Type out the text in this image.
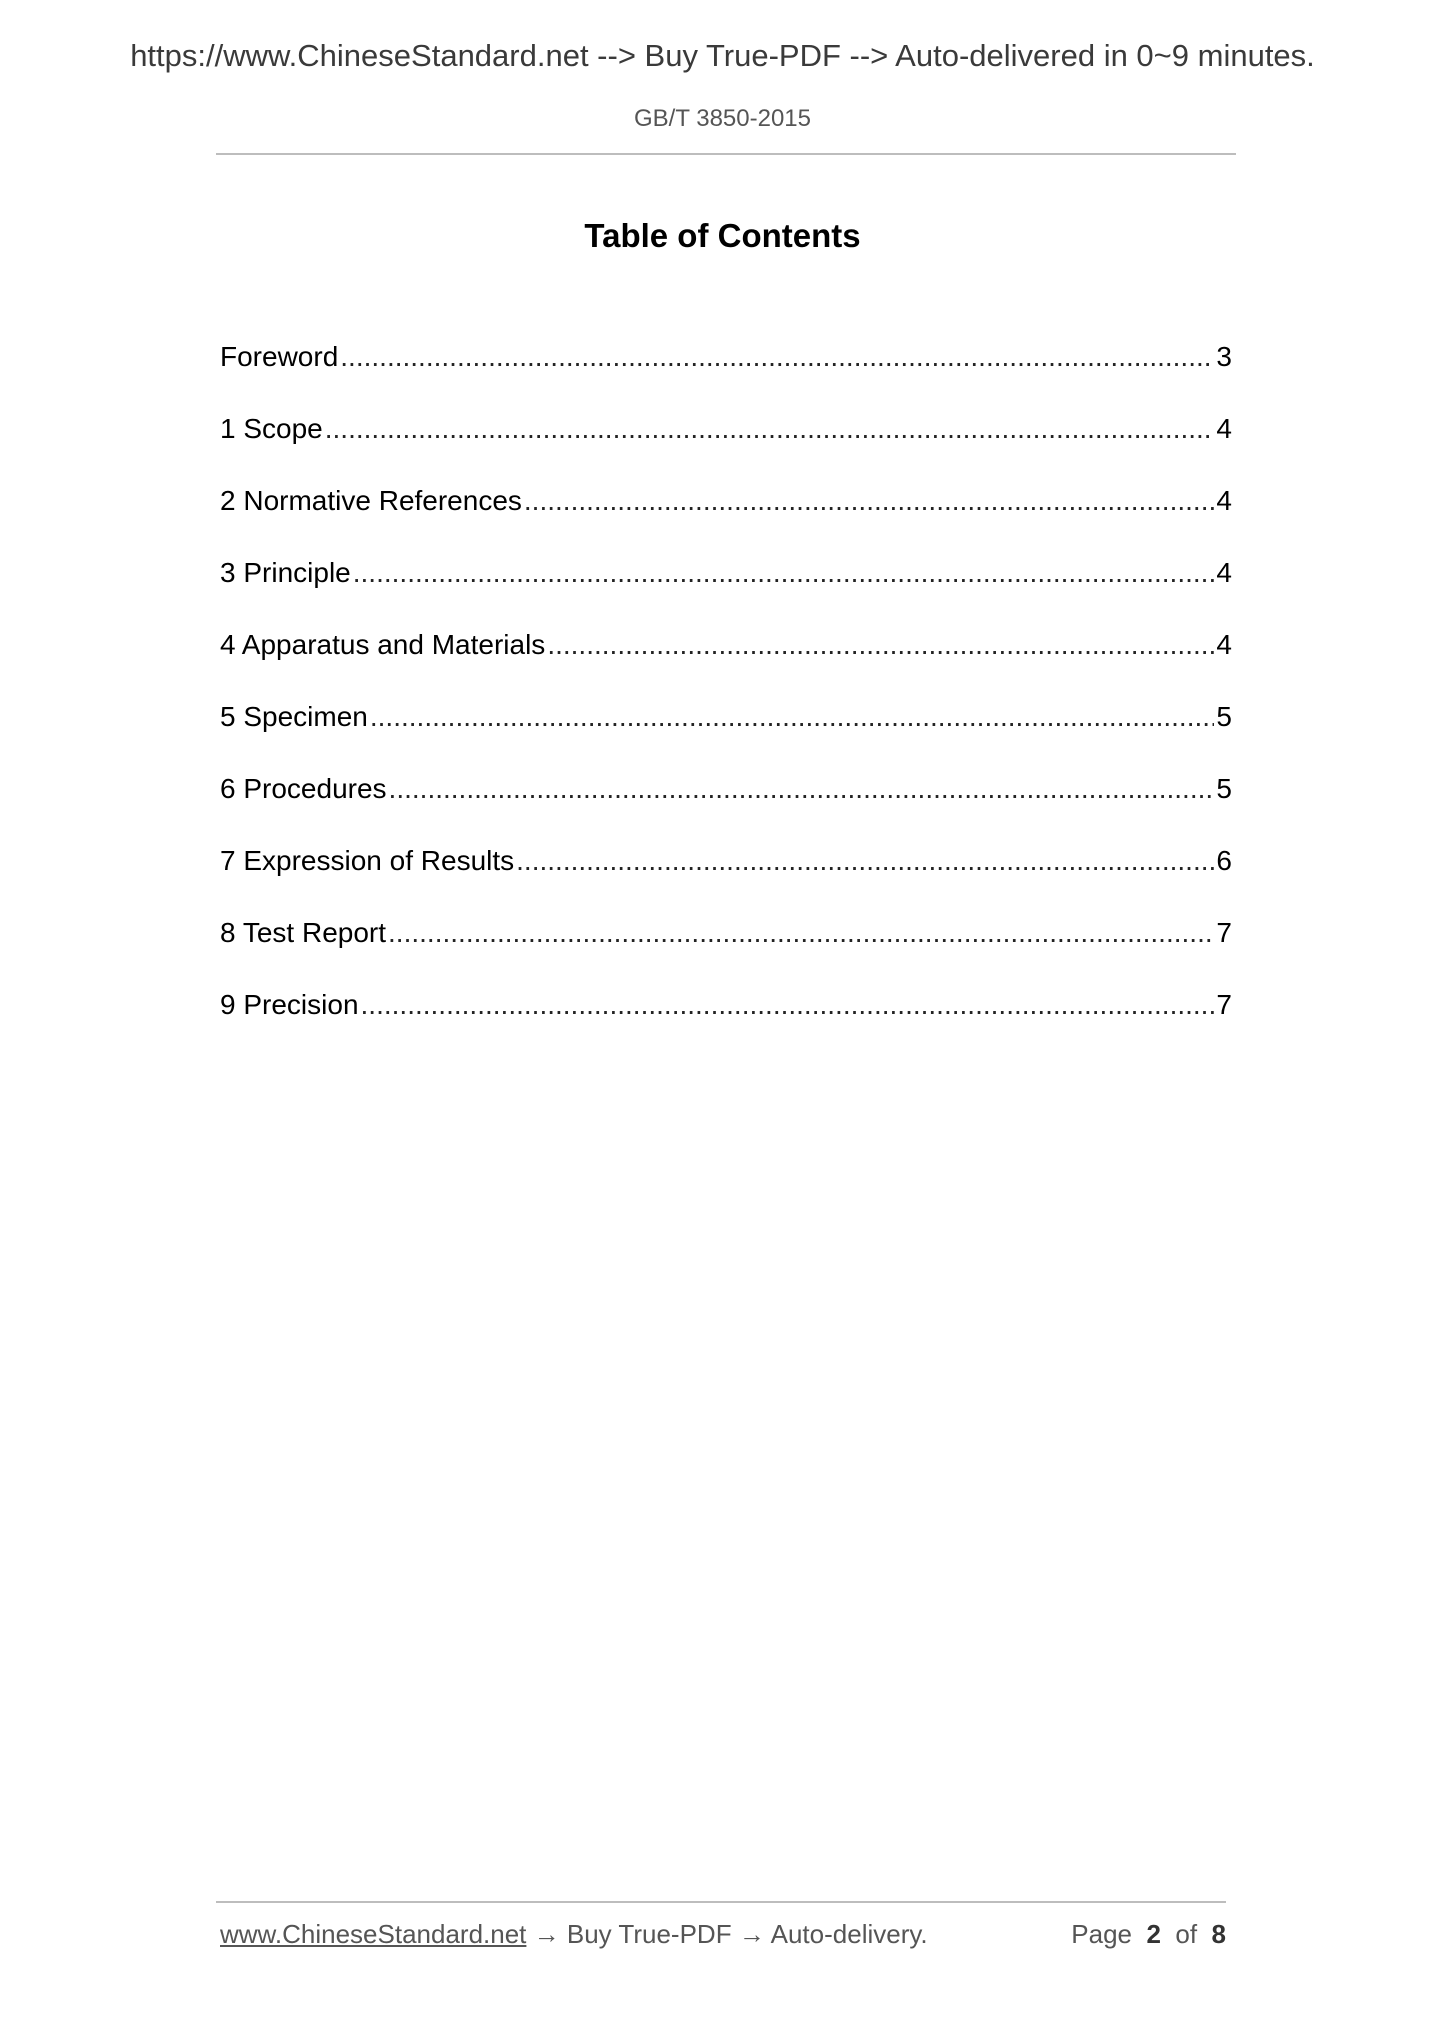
https://www.ChineseStandard.net --> Buy True-PDF --> Auto-delivered in 0~9 minutes.
GB/T 3850-2015
Table of Contents
Foreword .....	3
1 Scope .....	4
2 Normative References .....	4
3 Principle .....	4
4 Apparatus and Materials .....	4
5 Specimen .....	5
6 Procedures .....	5
7 Expression of Results .....	6
8 Test Report .....	7
9 Precision .....	7
www.ChineseStandard.net → Buy True-PDF → Auto-delivery.	Page 2 of 8
